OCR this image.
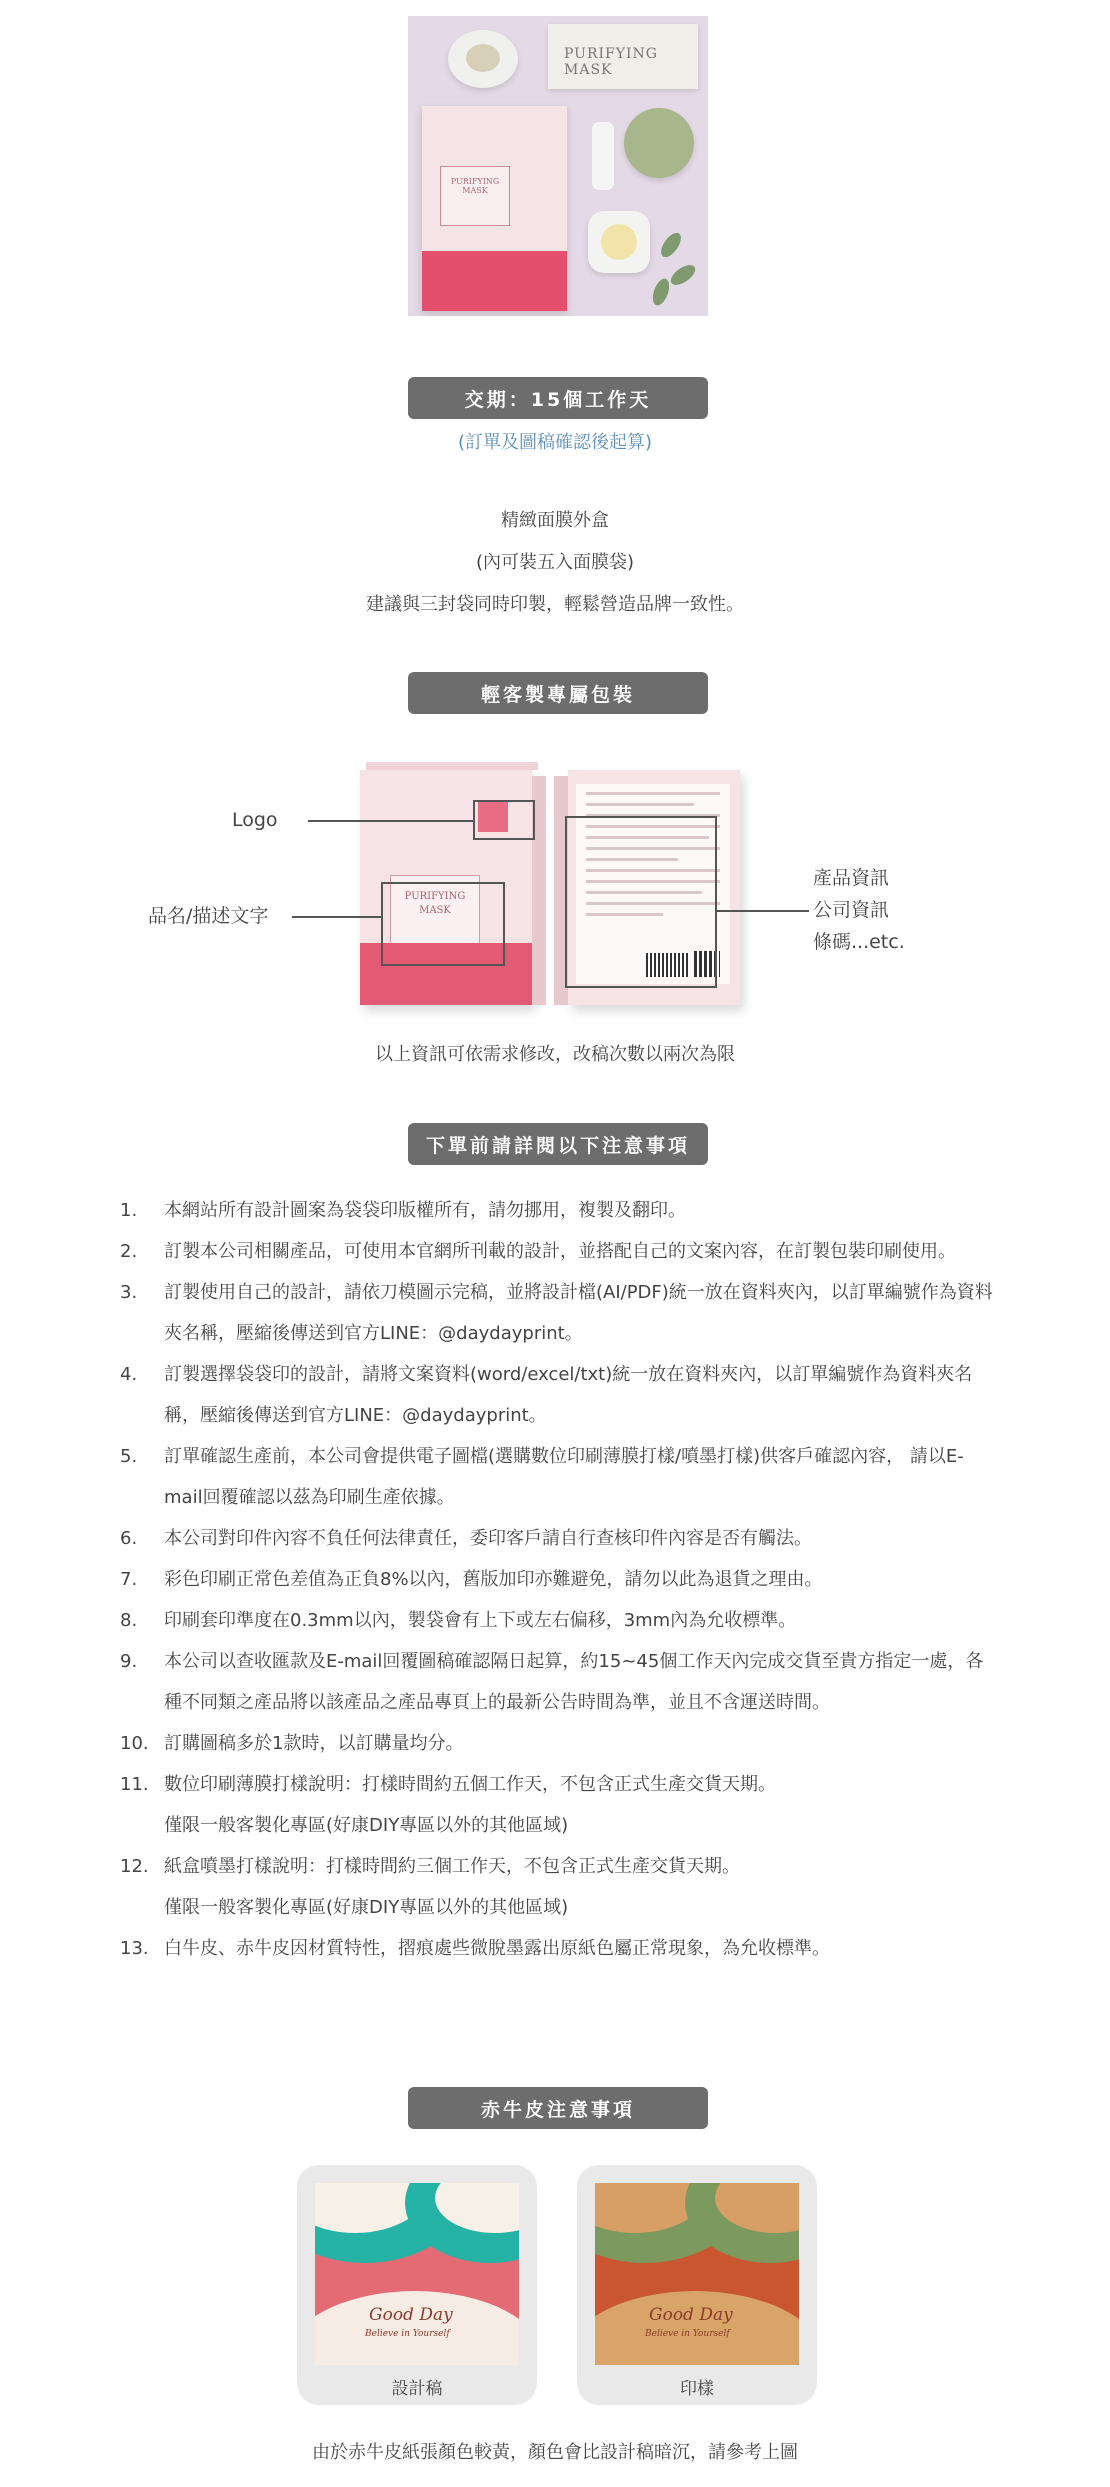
PURIFYING MASK
PURIFYING MASK
交期：15個工作天
(訂單及圖稿確認後起算)
精緻面膜外盒
(內可裝五入面膜袋)
建議與三封袋同時印製，輕鬆營造品牌一致性。
輕客製專屬包裝
PURIFYING MASK
Logo
品名/描述文字
產品資訊
公司資訊
條碼...etc.
以上資訊可依需求修改，改稿次數以兩次為限
下單前請詳閱以下注意事項
1. 本網站所有設計圖案為袋袋印版權所有，請勿挪用，複製及翻印。
2. 訂製本公司相關產品，可使用本官網所刊載的設計，並搭配自己的文案內容，在訂製包裝印刷使用。
3. 訂製使用自己的設計，請依刀模圖示完稿，並將設計檔(AI/PDF)統一放在資料夾內，以訂單編號作為資料夾名稱，壓縮後傳送到官方LINE：@daydayprint。
4. 訂製選擇袋袋印的設計，請將文案資料(word/excel/txt)統一放在資料夾內，以訂單編號作為資料夾名稱，壓縮後傳送到官方LINE：@daydayprint。
5. 訂單確認生產前，本公司會提供電子圖檔(選購數位印刷薄膜打樣/噴墨打樣)供客戶確認內容， 請以E-mail回覆確認以茲為印刷生產依據。
6. 本公司對印件內容不負任何法律責任，委印客戶請自行查核印件內容是否有觸法。
7. 彩色印刷正常色差值為正負8%以內，舊版加印亦難避免，請勿以此為退貨之理由。
8. 印刷套印準度在0.3mm以內，製袋會有上下或左右偏移，3mm內為允收標準。
9. 本公司以查收匯款及E-mail回覆圖稿確認隔日起算，約15~45個工作天內完成交貨至貴方指定一處，各種不同類之產品將以該產品之產品專頁上的最新公告時間為準，並且不含運送時間。
10. 訂購圖稿多於1款時，以訂購量均分。
11. 數位印刷薄膜打樣說明：打樣時間約五個工作天，不包含正式生產交貨天期。
僅限一般客製化專區(好康DIY專區以外的其他區域)
12. 紙盒噴墨打樣說明：打樣時間約三個工作天，不包含正式生產交貨天期。
僅限一般客製化專區(好康DIY專區以外的其他區域)
13. 白牛皮、赤牛皮因材質特性，摺痕處些微脫墨露出原紙色屬正常現象，為允收標準。
赤牛皮注意事項
Good Day
Believe in Yourself
設計稿
Good Day
Believe in Yourself
印樣
由於赤牛皮紙張顏色較黃，顏色會比設計稿暗沉，請參考上圖
